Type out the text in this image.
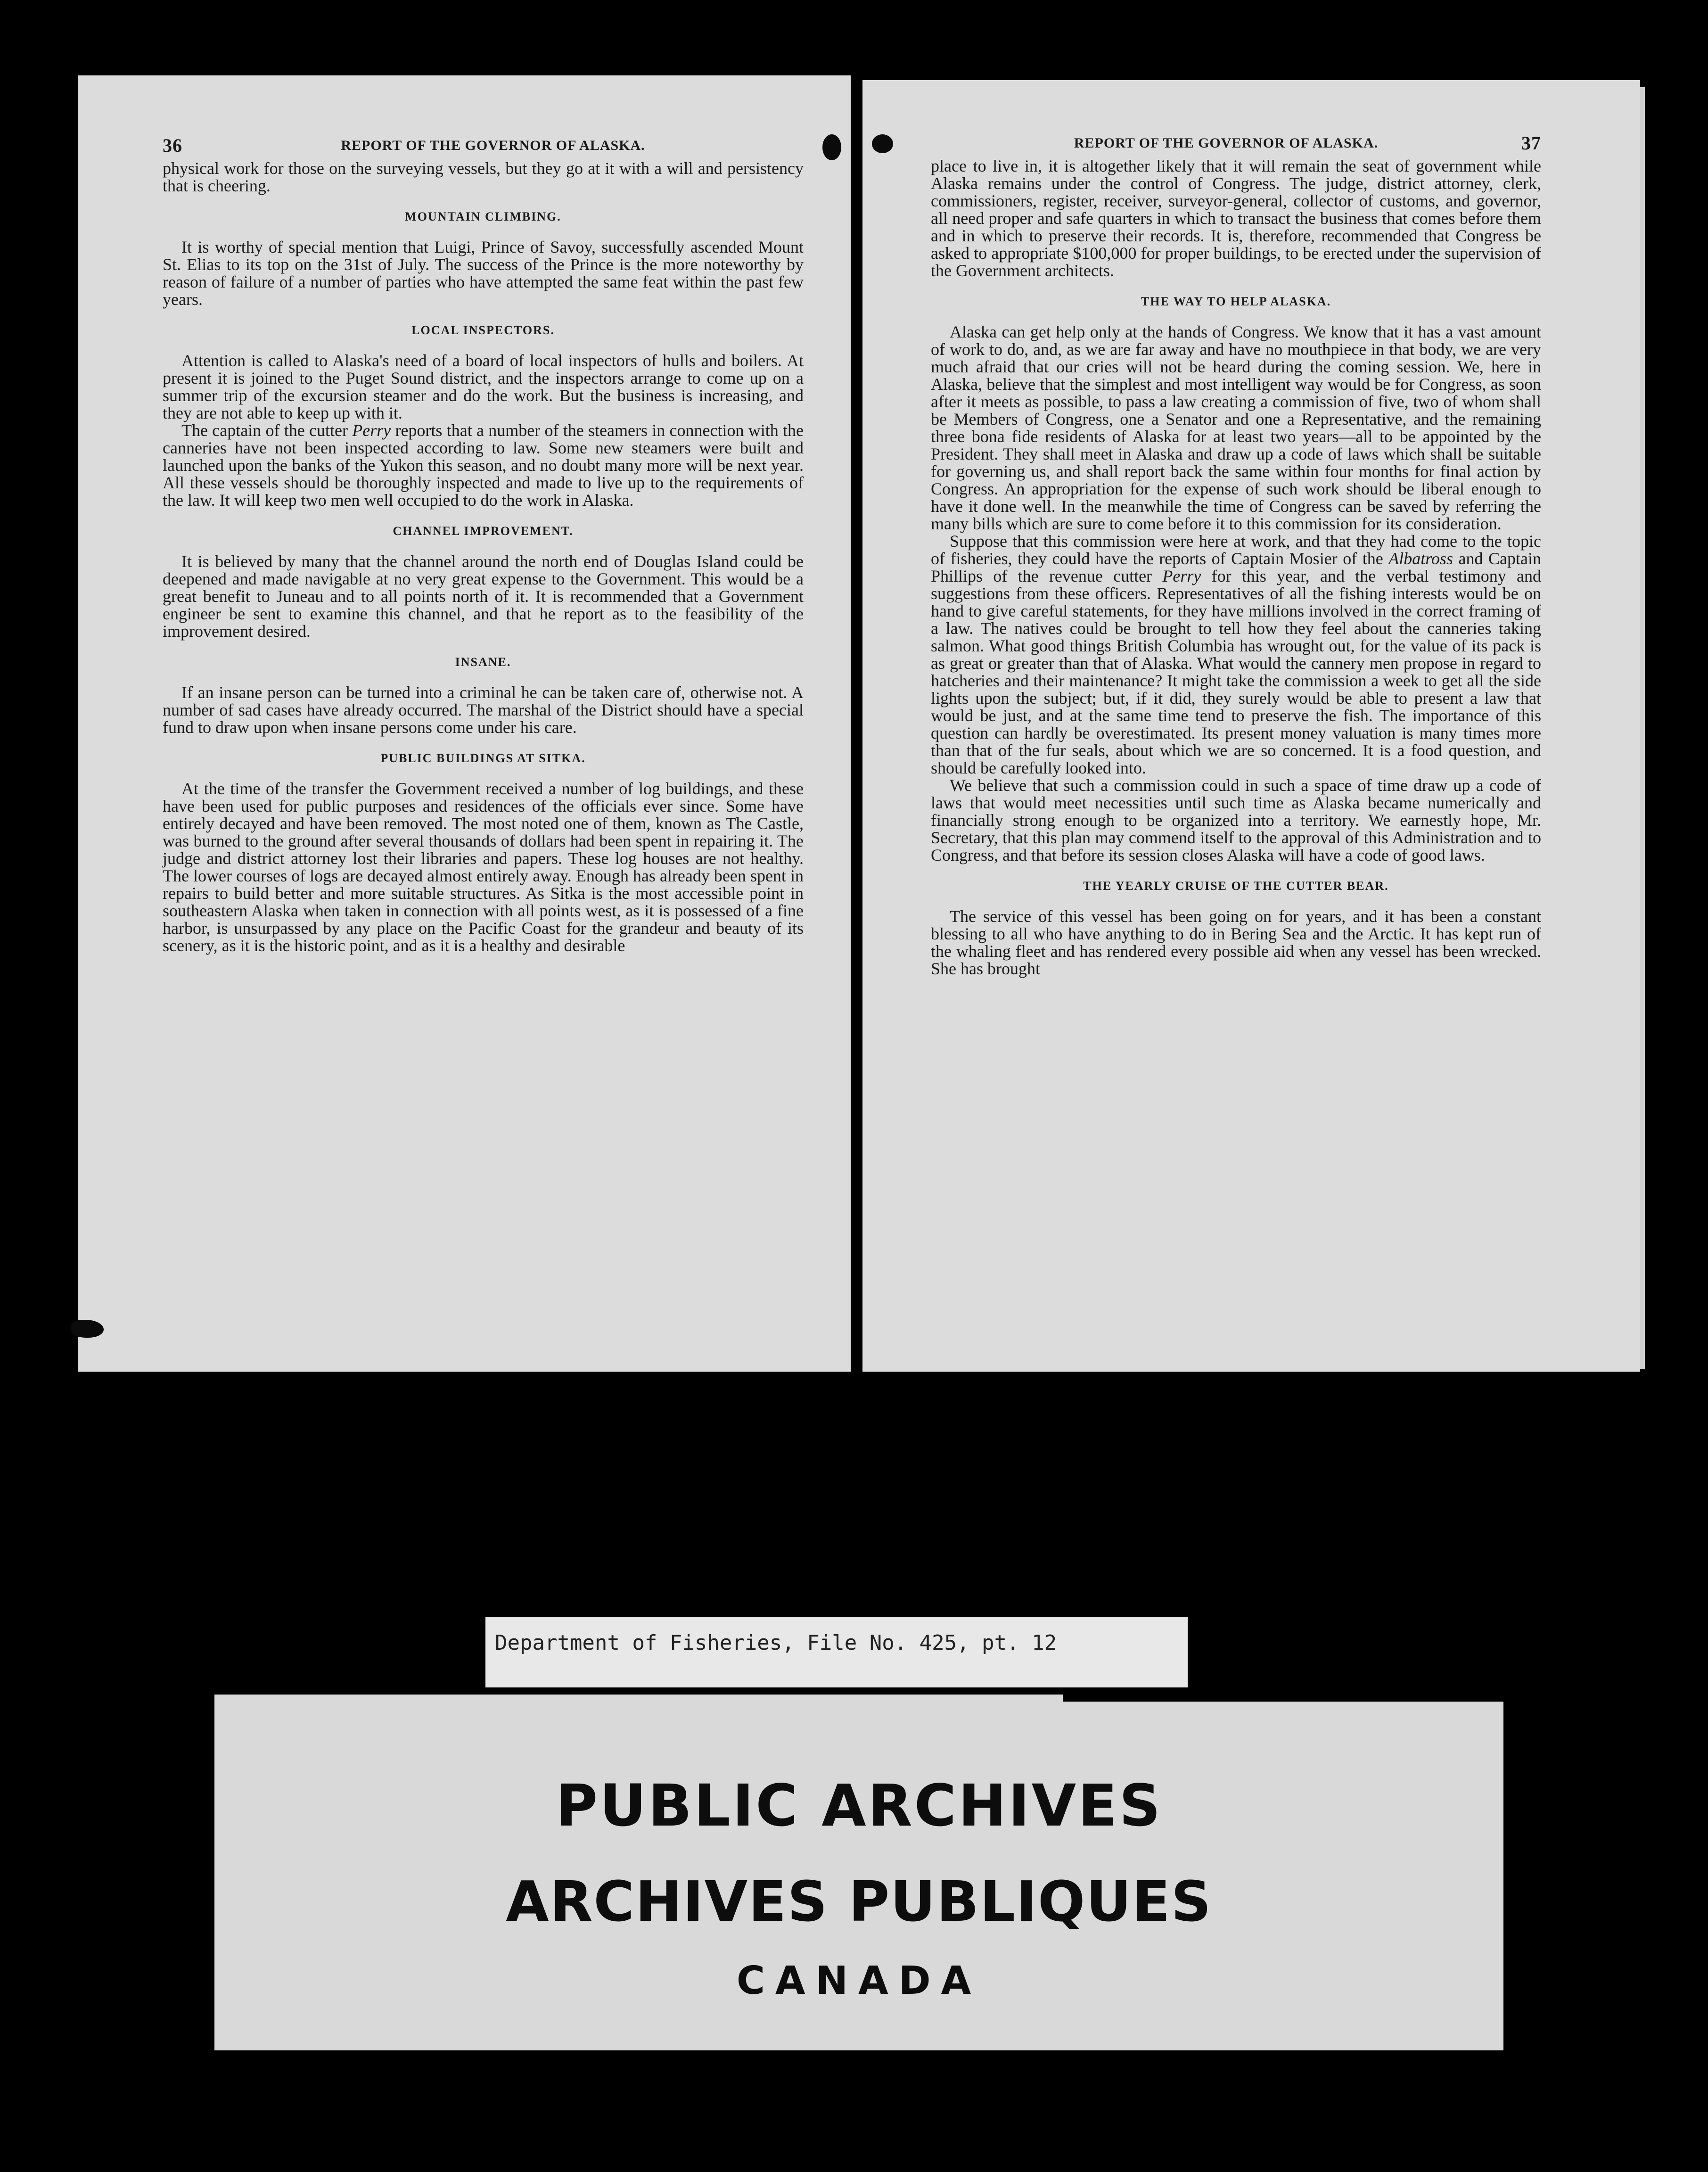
36	REPORT OF THE GOVERNOR OF ALASKA.

physical work for those on the surveying vessels, but they go at it with a will and persistency that is cheering.

MOUNTAIN CLIMBING.

It is worthy of special mention that Luigi, Prince of Savoy, successfully ascended Mount St. Elias to its top on the 31st of July. The success of the Prince is the more noteworthy by reason of failure of a number of parties who have attempted the same feat within the past few years.

LOCAL INSPECTORS.

Attention is called to Alaska's need of a board of local inspectors of hulls and boilers. At present it is joined to the Puget Sound district, and the inspectors arrange to come up on a summer trip of the excursion steamer and do the work. But the business is increasing, and they are not able to keep up with it.

The captain of the cutter Perry reports that a number of the steamers in connection with the canneries have not been inspected according to law. Some new steamers were built and launched upon the banks of the Yukon this season, and no doubt many more will be next year. All these vessels should be thoroughly inspected and made to live up to the requirements of the law. It will keep two men well occupied to do the work in Alaska.

CHANNEL IMPROVEMENT.

It is believed by many that the channel around the north end of Douglas Island could be deepened and made navigable at no very great expense to the Government. This would be a great benefit to Juneau and to all points north of it. It is recommended that a Government engineer be sent to examine this channel, and that he report as to the feasibility of the improvement desired.

INSANE.

If an insane person can be turned into a criminal he can be taken care of, otherwise not. A number of sad cases have already occurred. The marshal of the District should have a special fund to draw upon when insane persons come under his care.

PUBLIC BUILDINGS AT SITKA.

At the time of the transfer the Government received a number of log buildings, and these have been used for public purposes and residences of the officials ever since. Some have entirely decayed and have been removed. The most noted one of them, known as The Castle, was burned to the ground after several thousands of dollars had been spent in repairing it. The judge and district attorney lost their libraries and papers. These log houses are not healthy. The lower courses of logs are decayed almost entirely away. Enough has already been spent in repairs to build better and more suitable structures. As Sitka is the most accessible point in southeastern Alaska when taken in connection with all points west, as it is possessed of a fine harbor, is unsurpassed by any place on the Pacific Coast for the grandeur and beauty of its scenery, as it is the historic point, and as it is a healthy and desirable

REPORT OF THE GOVERNOR OF ALASKA.	37

place to live in, it is altogether likely that it will remain the seat of government while Alaska remains under the control of Congress. The judge, district attorney, clerk, commissioners, register, receiver, surveyor-general, collector of customs, and governor, all need proper and safe quarters in which to transact the business that comes before them and in which to preserve their records. It is, therefore, recommended that Congress be asked to appropriate $100,000 for proper buildings, to be erected under the supervision of the Government architects.

THE WAY TO HELP ALASKA.

Alaska can get help only at the hands of Congress. We know that it has a vast amount of work to do, and, as we are far away and have no mouthpiece in that body, we are very much afraid that our cries will not be heard during the coming session. We, here in Alaska, believe that the simplest and most intelligent way would be for Congress, as soon after it meets as possible, to pass a law creating a commission of five, two of whom shall be Members of Congress, one a Senator and one a Representative, and the remaining three bona fide residents of Alaska for at least two years—all to be appointed by the President. They shall meet in Alaska and draw up a code of laws which shall be suitable for governing us, and shall report back the same within four months for final action by Congress. An appropriation for the expense of such work should be liberal enough to have it done well. In the meanwhile the time of Congress can be saved by referring the many bills which are sure to come before it to this commission for its consideration.

Suppose that this commission were here at work, and that they had come to the topic of fisheries, they could have the reports of Captain Mosier of the Albatross and Captain Phillips of the revenue cutter Perry for this year, and the verbal testimony and suggestions from these officers. Representatives of all the fishing interests would be on hand to give careful statements, for they have millions involved in the correct framing of a law. The natives could be brought to tell how they feel about the canneries taking salmon. What good things British Columbia has wrought out, for the value of its pack is as great or greater than that of Alaska. What would the cannery men propose in regard to hatcheries and their maintenance? It might take the commission a week to get all the side lights upon the subject; but, if it did, they surely would be able to present a law that would be just, and at the same time tend to preserve the fish. The importance of this question can hardly be overestimated. Its present money valuation is many times more than that of the fur seals, about which we are so concerned. It is a food question, and should be carefully looked into.

We believe that such a commission could in such a space of time draw up a code of laws that would meet necessities until such time as Alaska became numerically and financially strong enough to be organized into a territory. We earnestly hope, Mr. Secretary, that this plan may commend itself to the approval of this Administration and to Congress, and that before its session closes Alaska will have a code of good laws.

THE YEARLY CRUISE OF THE CUTTER BEAR.

The service of this vessel has been going on for years, and it has been a constant blessing to all who have anything to do in Bering Sea and the Arctic. It has kept run of the whaling fleet and has rendered every possible aid when any vessel has been wrecked. She has brought

Department of Fisheries, File No. 425, pt. 12
PUBLIC ARCHIVES
ARCHIVES PUBLIQUES
CANADA
